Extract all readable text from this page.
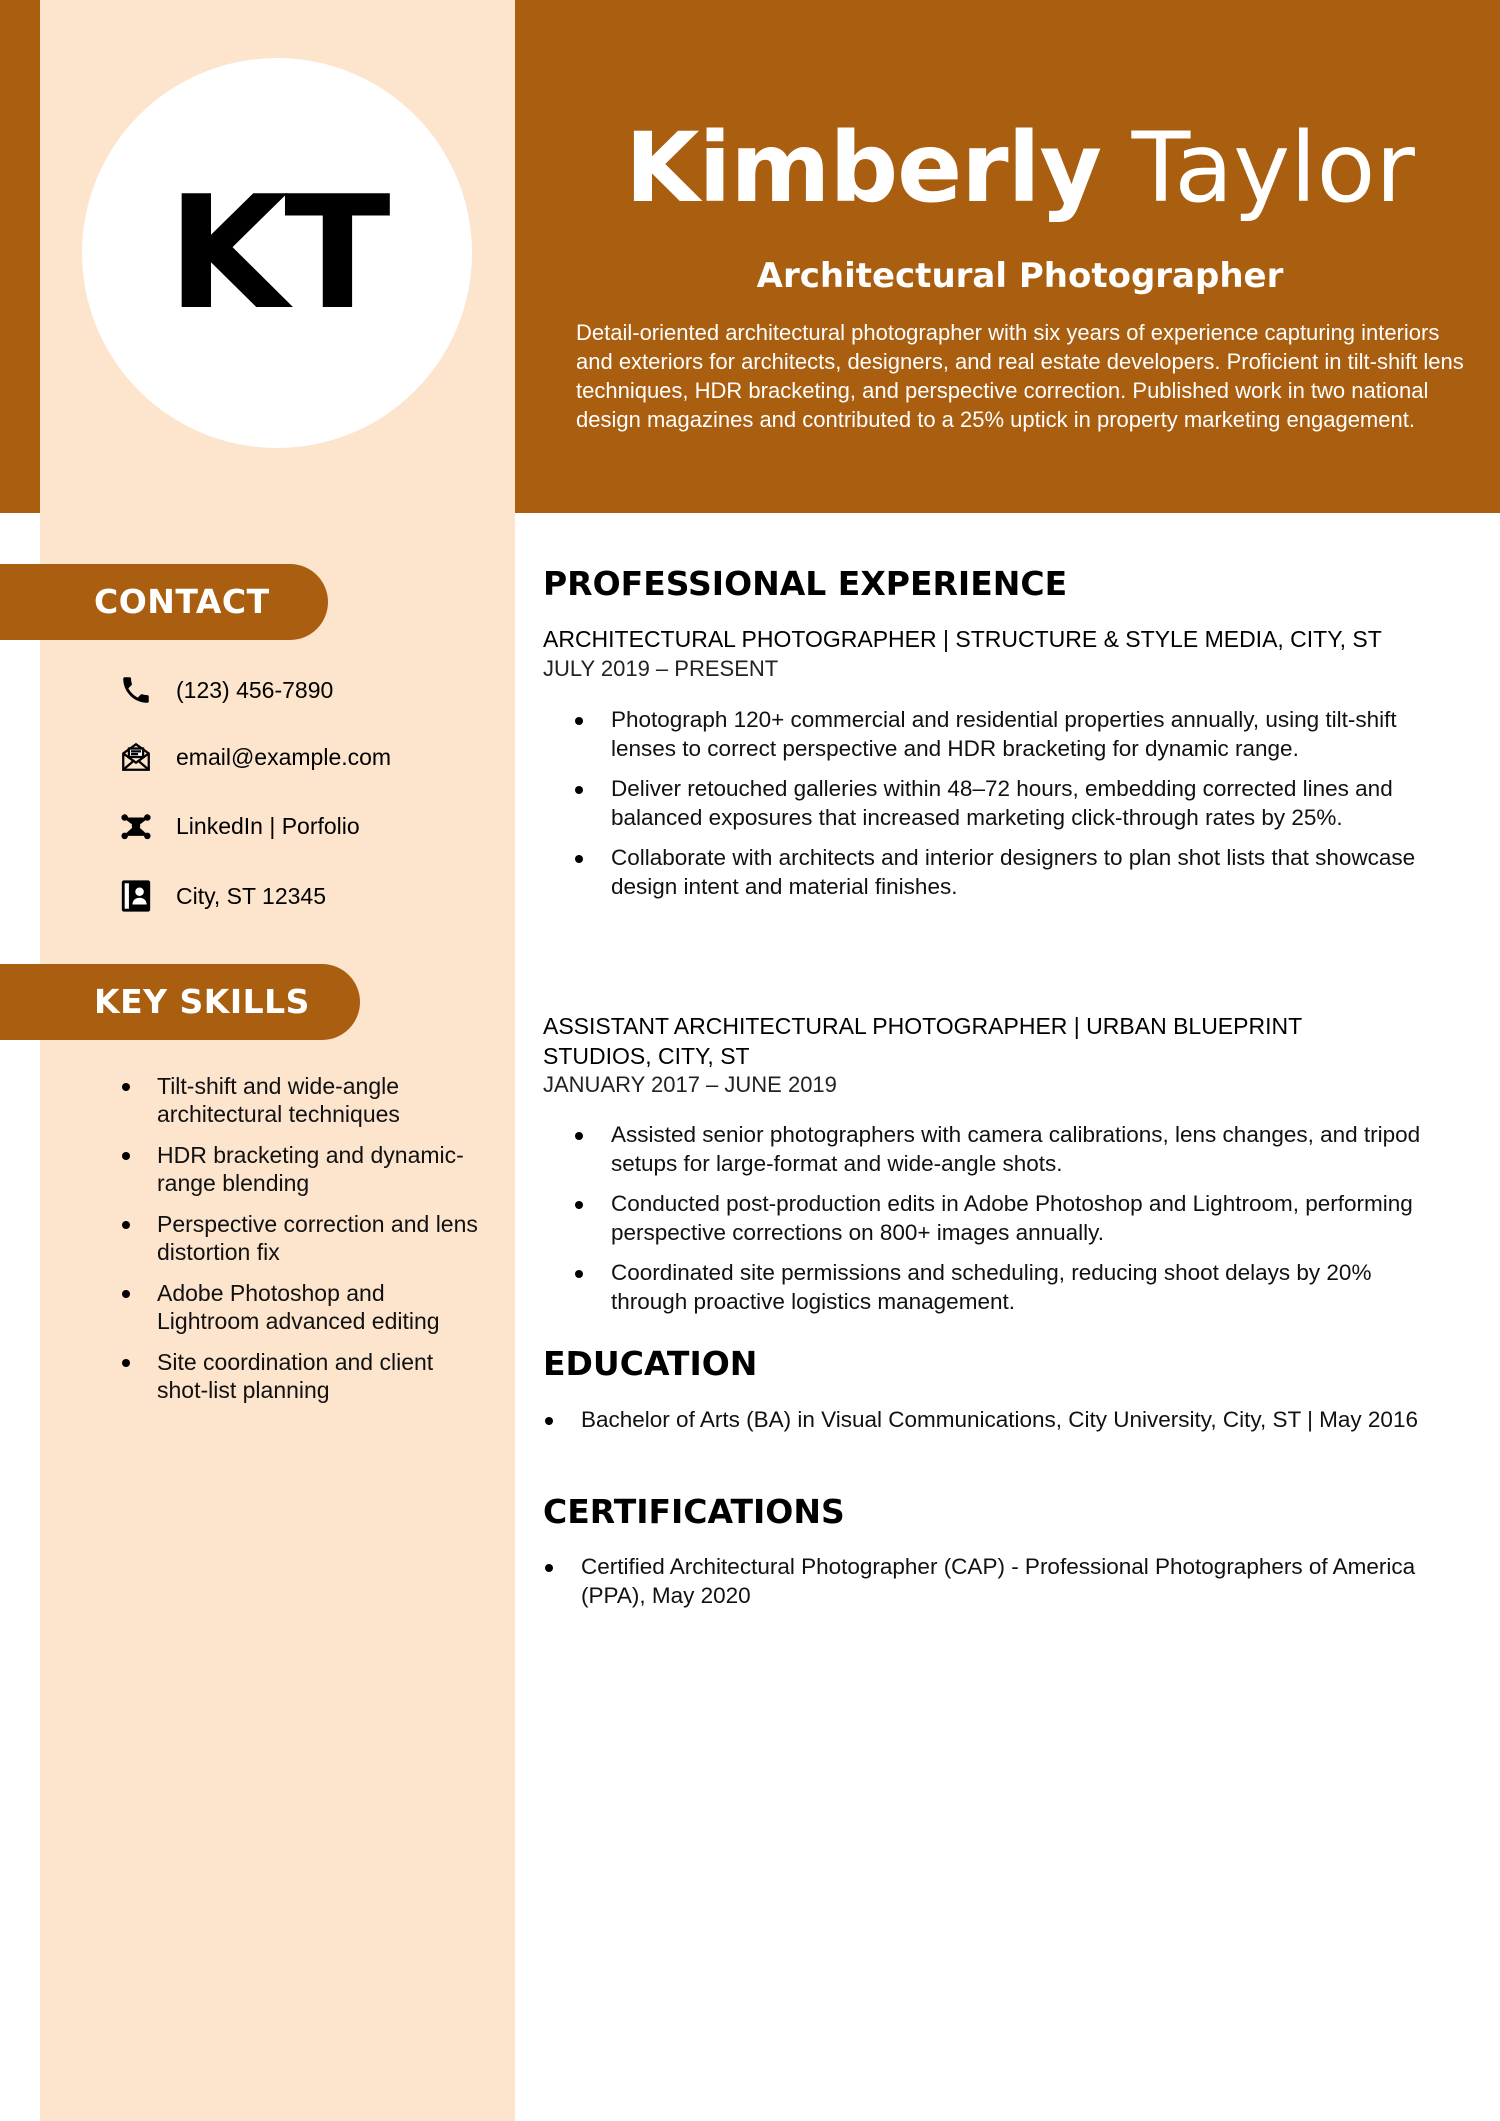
KT	Kimberly Taylor
Architectural Photographer
Detail-oriented architectural photographer with six years of experience capturing interiors and exteriors for architects, designers, and real estate developers. Proficient in tilt-shift lens techniques, HDR bracketing, and perspective correction. Published work in two national design magazines and contributed to a 25% uptick in property marketing engagement.
CONTACT
(123) 456-7890
email@example.com
LinkedIn | Porfolio
City, ST 12345
KEY SKILLS
Tilt-shift and wide-angle architectural techniques
HDR bracketing and dynamic-range blending
Perspective correction and lens distortion fix
Adobe Photoshop and Lightroom advanced editing
Site coordination and client shot-list planning
PROFESSIONAL EXPERIENCE
ARCHITECTURAL PHOTOGRAPHER | STRUCTURE & STYLE MEDIA, CITY, ST
JULY 2019 – PRESENT
Photograph 120+ commercial and residential properties annually, using tilt-shift lenses to correct perspective and HDR bracketing for dynamic range.
Deliver retouched galleries within 48–72 hours, embedding corrected lines and balanced exposures that increased marketing click-through rates by 25%.
Collaborate with architects and interior designers to plan shot lists that showcase design intent and material finishes.
ASSISTANT ARCHITECTURAL PHOTOGRAPHER | URBAN BLUEPRINT STUDIOS, CITY, ST
JANUARY 2017 – JUNE 2019
Assisted senior photographers with camera calibrations, lens changes, and tripod setups for large-format and wide-angle shots.
Conducted post-production edits in Adobe Photoshop and Lightroom, performing perspective corrections on 800+ images annually.
Coordinated site permissions and scheduling, reducing shoot delays by 20% through proactive logistics management.
EDUCATION
Bachelor of Arts (BA) in Visual Communications, City University, City, ST | May 2016
CERTIFICATIONS
Certified Architectural Photographer (CAP) - Professional Photographers of America (PPA), May 2020
